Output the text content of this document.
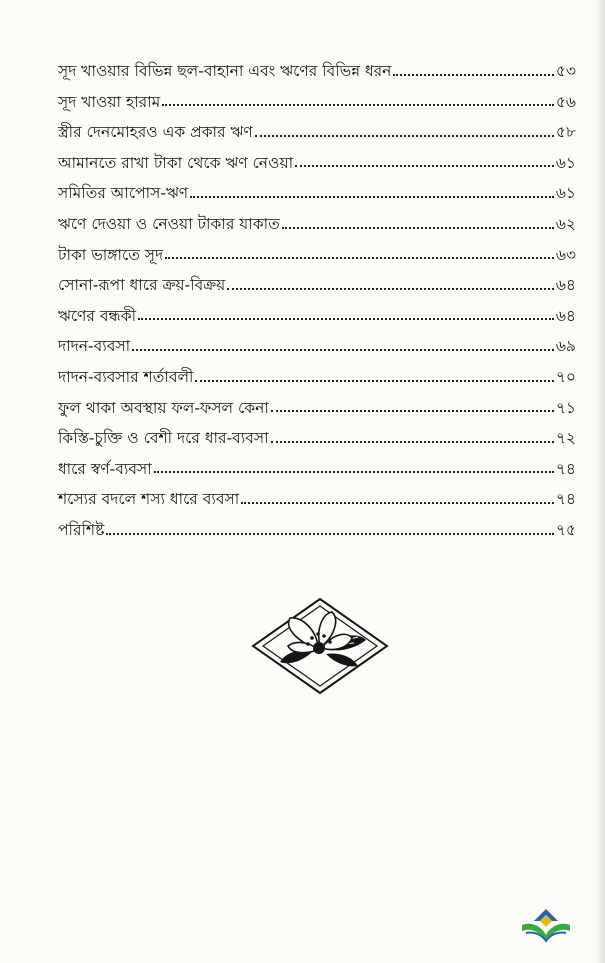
সূদ খাওয়ার বিভিন্ন ছল-বাহানা এবং ঋণের বিভিন্ন ধরন	৫৩
সূদ খাওয়া হারাম	৫৬
স্ত্রীর দেনমোহরও এক প্রকার ঋণ	৫৮
আমানতে রাখা টাকা থেকে ঋণ নেওয়া	৬১
সমিতির আপোস-ঋণ	৬১
ঋণে দেওয়া ও নেওয়া টাকার যাকাত	৬২
টাকা ভাঙ্গাতে সূদ	৬৩
সোনা-রূপা ধারে ক্রয়-বিক্রয়	৬৪
ঋণের বন্ধকী	৬৪
দাদন-ব্যবসা	৬৯
দাদন-ব্যবসার শর্তাবলী	৭০
ফুল থাকা অবস্থায় ফল-ফসল কেনা	৭১
কিস্তি-চুক্তি ও বেশী দরে ধার-ব্যবসা	৭২
ধারে স্বর্ণ-ব্যবসা	৭৪
শস্যের বদলে শস্য ধারে ব্যবসা	৭৪
পরিশিষ্ট	৭৫
